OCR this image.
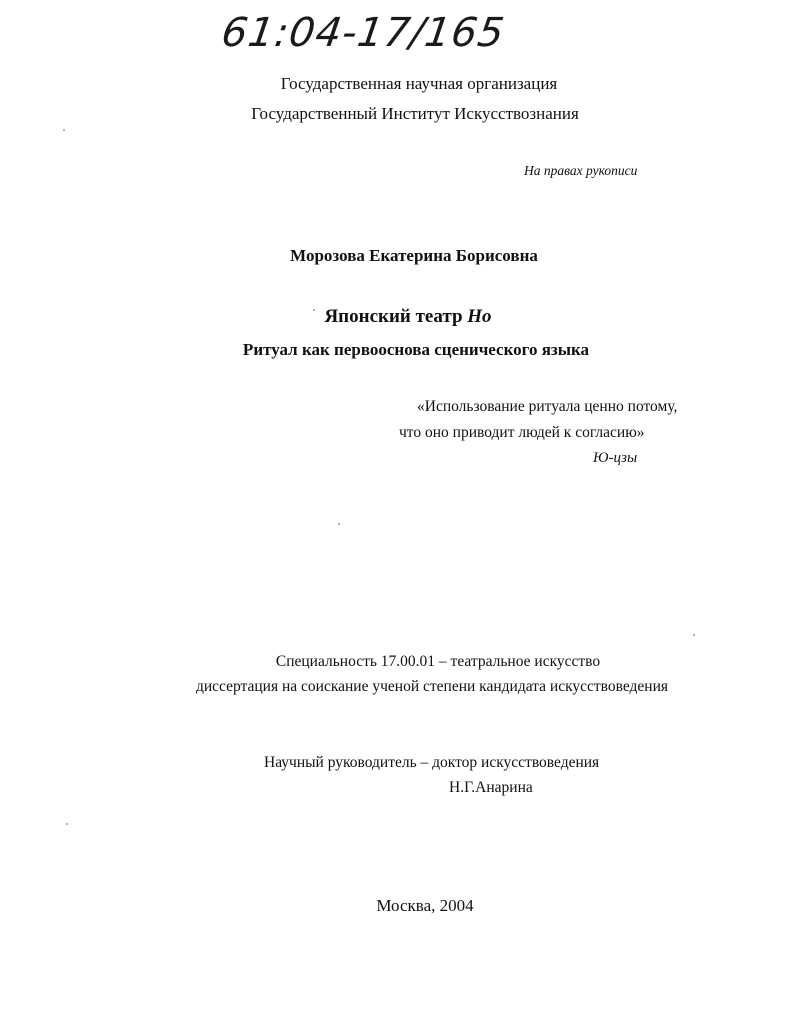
61:04-17/165
Государственная научная организация
Государственный Институт Искусствознания
На правах рукописи
Морозова Екатерина Борисовна
Японский театр Но
Ритуал как первооснова сценического языка
«Использование ритуала ценно потому,
что оно приводит людей к согласию»
Ю-цзы
Специальность 17.00.01 – театральное искусство
диссертация на соискание ученой степени кандидата искусствоведения
Научный руководитель – доктор искусствоведения
Н.Г.Анарина
Москва, 2004
